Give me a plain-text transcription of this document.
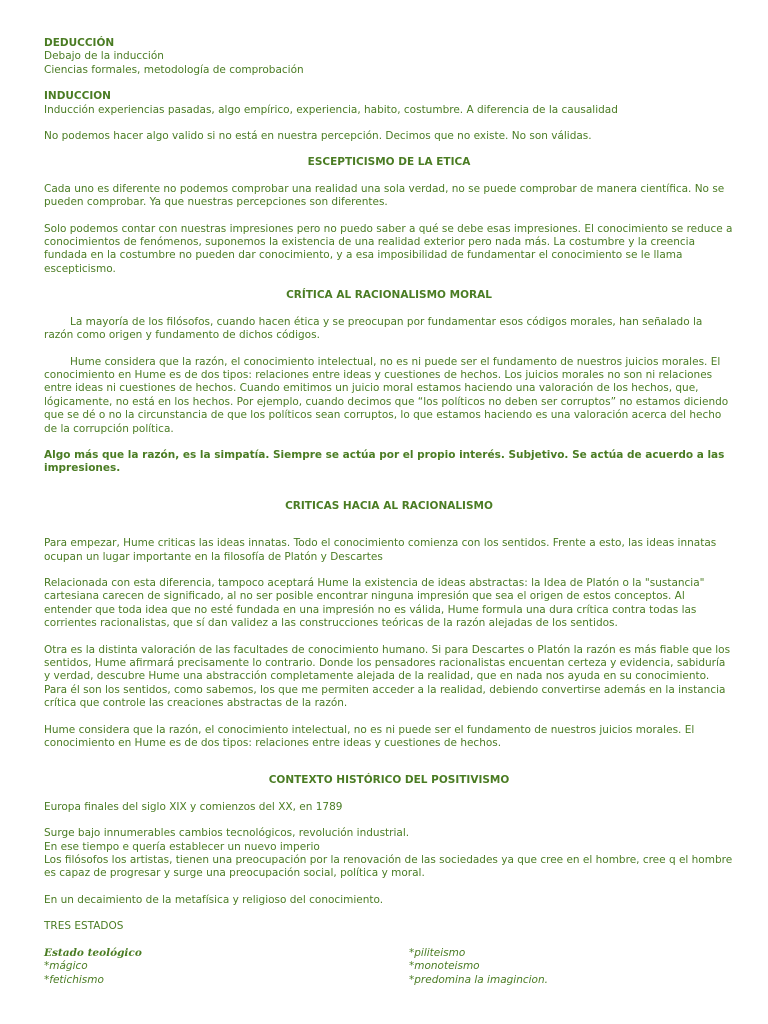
DEDUCCIÓN

Debajo de la inducción

Ciencias formales, metodología de comprobación

INDUCCION

Inducción experiencias pasadas, algo empírico, experiencia, habito, costumbre. A diferencia de la causalidad

No podemos hacer algo valido si no está en nuestra percepción. Decimos que no existe. No son válidas.

ESCEPTICISMO DE LA ETICA

Cada uno es diferente no podemos comprobar una realidad una sola verdad, no se puede comprobar de manera científica. No se pueden comprobar. Ya que nuestras percepciones son diferentes.

Solo podemos contar con nuestras impresiones pero no puedo saber a qué se debe esas impresiones. El conocimiento se reduce a conocimientos de fenómenos, suponemos la existencia de una realidad exterior pero nada más. La costumbre y la creencia fundada en la costumbre no pueden dar conocimiento, y a esa imposibilidad de fundamentar el conocimiento se le llama escepticismo.

CRÍTICA AL RACIONALISMO MORAL

La mayoría de los filósofos, cuando hacen ética y se preocupan por fundamentar esos códigos morales, han señalado la razón como origen y fundamento de dichos códigos.

Hume considera que la razón, el conocimiento intelectual, no es ni puede ser el fundamento de nuestros juicios morales. El conocimiento en Hume es de dos tipos: relaciones entre ideas y cuestiones de hechos. Los juicios morales no son ni relaciones entre ideas ni cuestiones de hechos. Cuando emitimos un juicio moral estamos haciendo una valoración de los hechos, que, lógicamente, no está en los hechos. Por ejemplo, cuando decimos que “los políticos no deben ser corruptos” no estamos diciendo que se dé o no la circunstancia de que los políticos sean corruptos, lo que estamos haciendo es una valoración acerca del hecho de la corrupción política.

Algo más que la razón, es la simpatía. Siempre se actúa por el propio interés. Subjetivo. Se actúa de acuerdo a las impresiones.

CRITICAS HACIA AL RACIONALISMO

Para empezar, Hume criticas las ideas innatas. Todo el conocimiento comienza con los sentidos. Frente a esto, las ideas innatas ocupan un lugar importante en la filosofía de Platón y Descartes

Relacionada con esta diferencia, tampoco aceptará Hume la existencia de ideas abstractas: la Idea de Platón o la "sustancia" cartesiana carecen de significado, al no ser posible encontrar ninguna impresión que sea el origen de estos conceptos. Al entender que toda idea que no esté fundada en una impresión no es válida, Hume formula una dura crítica contra todas las corrientes racionalistas, que sí dan validez a las construcciones teóricas de la razón alejadas de los sentidos.

Otra es la distinta valoración de las facultades de conocimiento humano. Si para Descartes o Platón la razón es más fiable que los sentidos, Hume afirmará precisamente lo contrario. Donde los pensadores racionalistas encuentan certeza y evidencia, sabiduría y verdad, descubre Hume una abstracción completamente alejada de la realidad, que en nada nos ayuda en su conocimiento. Para él son los sentidos, como sabemos, los que me permiten acceder a la realidad, debiendo convertirse además en la instancia crítica que controle las creaciones abstractas de la razón.

Hume considera que la razón, el conocimiento intelectual, no es ni puede ser el fundamento de nuestros juicios morales. El conocimiento en Hume es de dos tipos: relaciones entre ideas y cuestiones de hechos.

CONTEXTO HISTÓRICO DEL POSITIVISMO

Europa finales del siglo XIX y comienzos del XX, en 1789

Surge bajo innumerables cambios tecnológicos, revolución industrial.

En ese tiempo e quería establecer un nuevo imperio

Los filósofos los artistas, tienen una preocupación por la renovación de las sociedades ya que cree en el hombre, cree q el hombre es capaz de progresar y surge una preocupación social, política y moral.

En un decaimiento de la metafísica y religioso del conocimiento.

TRES ESTADOS

Estado teológico

*mágico

*fetichismo

*piliteismo

*monoteismo

*predomina la imagincion.
